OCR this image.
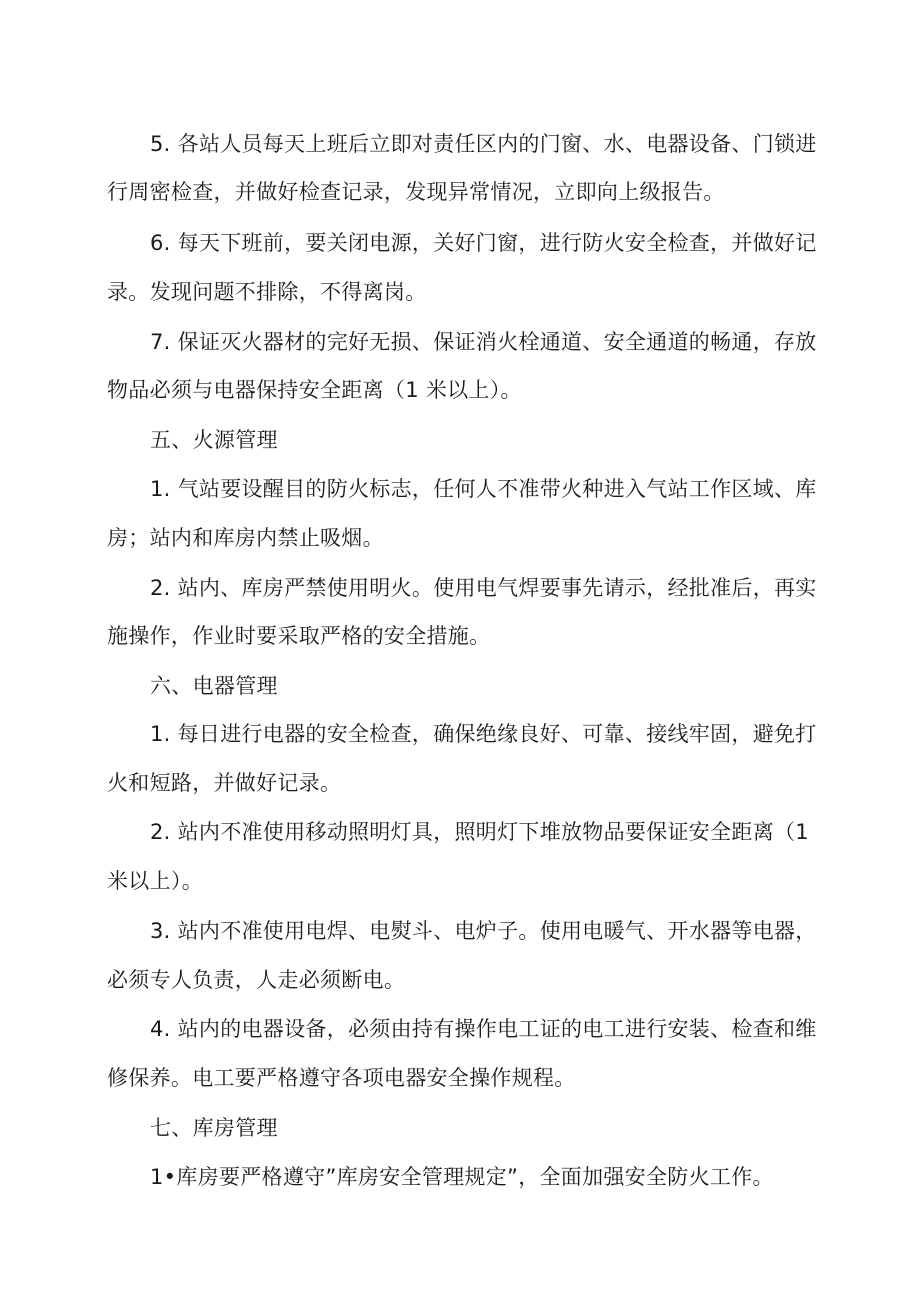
5. 各站人员每天上班后立即对责任区内的门窗、水、电器设备、门锁进

行周密检查，并做好检查记录，发现异常情况，立即向上级报告。

6. 每天下班前，要关闭电源，关好门窗，进行防火安全检查，并做好记

录。发现问题不排除，不得离岗。

7. 保证灭火器材的完好无损、保证消火栓通道、安全通道的畅通，存放

物品必须与电器保持安全距离（1 米以上）。

五、火源管理

1. 气站要设醒目的防火标志，任何人不准带火种进入气站工作区域、库

房；站内和库房内禁止吸烟。

2. 站内、库房严禁使用明火。使用电气焊要事先请示，经批准后，再实

施操作，作业时要采取严格的安全措施。

六、电器管理

1. 每日进行电器的安全检查，确保绝缘良好、可靠、接线牢固，避免打

火和短路，并做好记录。

2. 站内不准使用移动照明灯具，照明灯下堆放物品要保证安全距离（1

米以上）。

3. 站内不准使用电焊、电熨斗、电炉子。使用电暖气、开水器等电器，

必须专人负责，人走必须断电。

4. 站内的电器设备，必须由持有操作电工证的电工进行安装、检查和维

修保养。电工要严格遵守各项电器安全操作规程。

七、库房管理

1•库房要严格遵守”库房安全管理规定”，全面加强安全防火工作。
